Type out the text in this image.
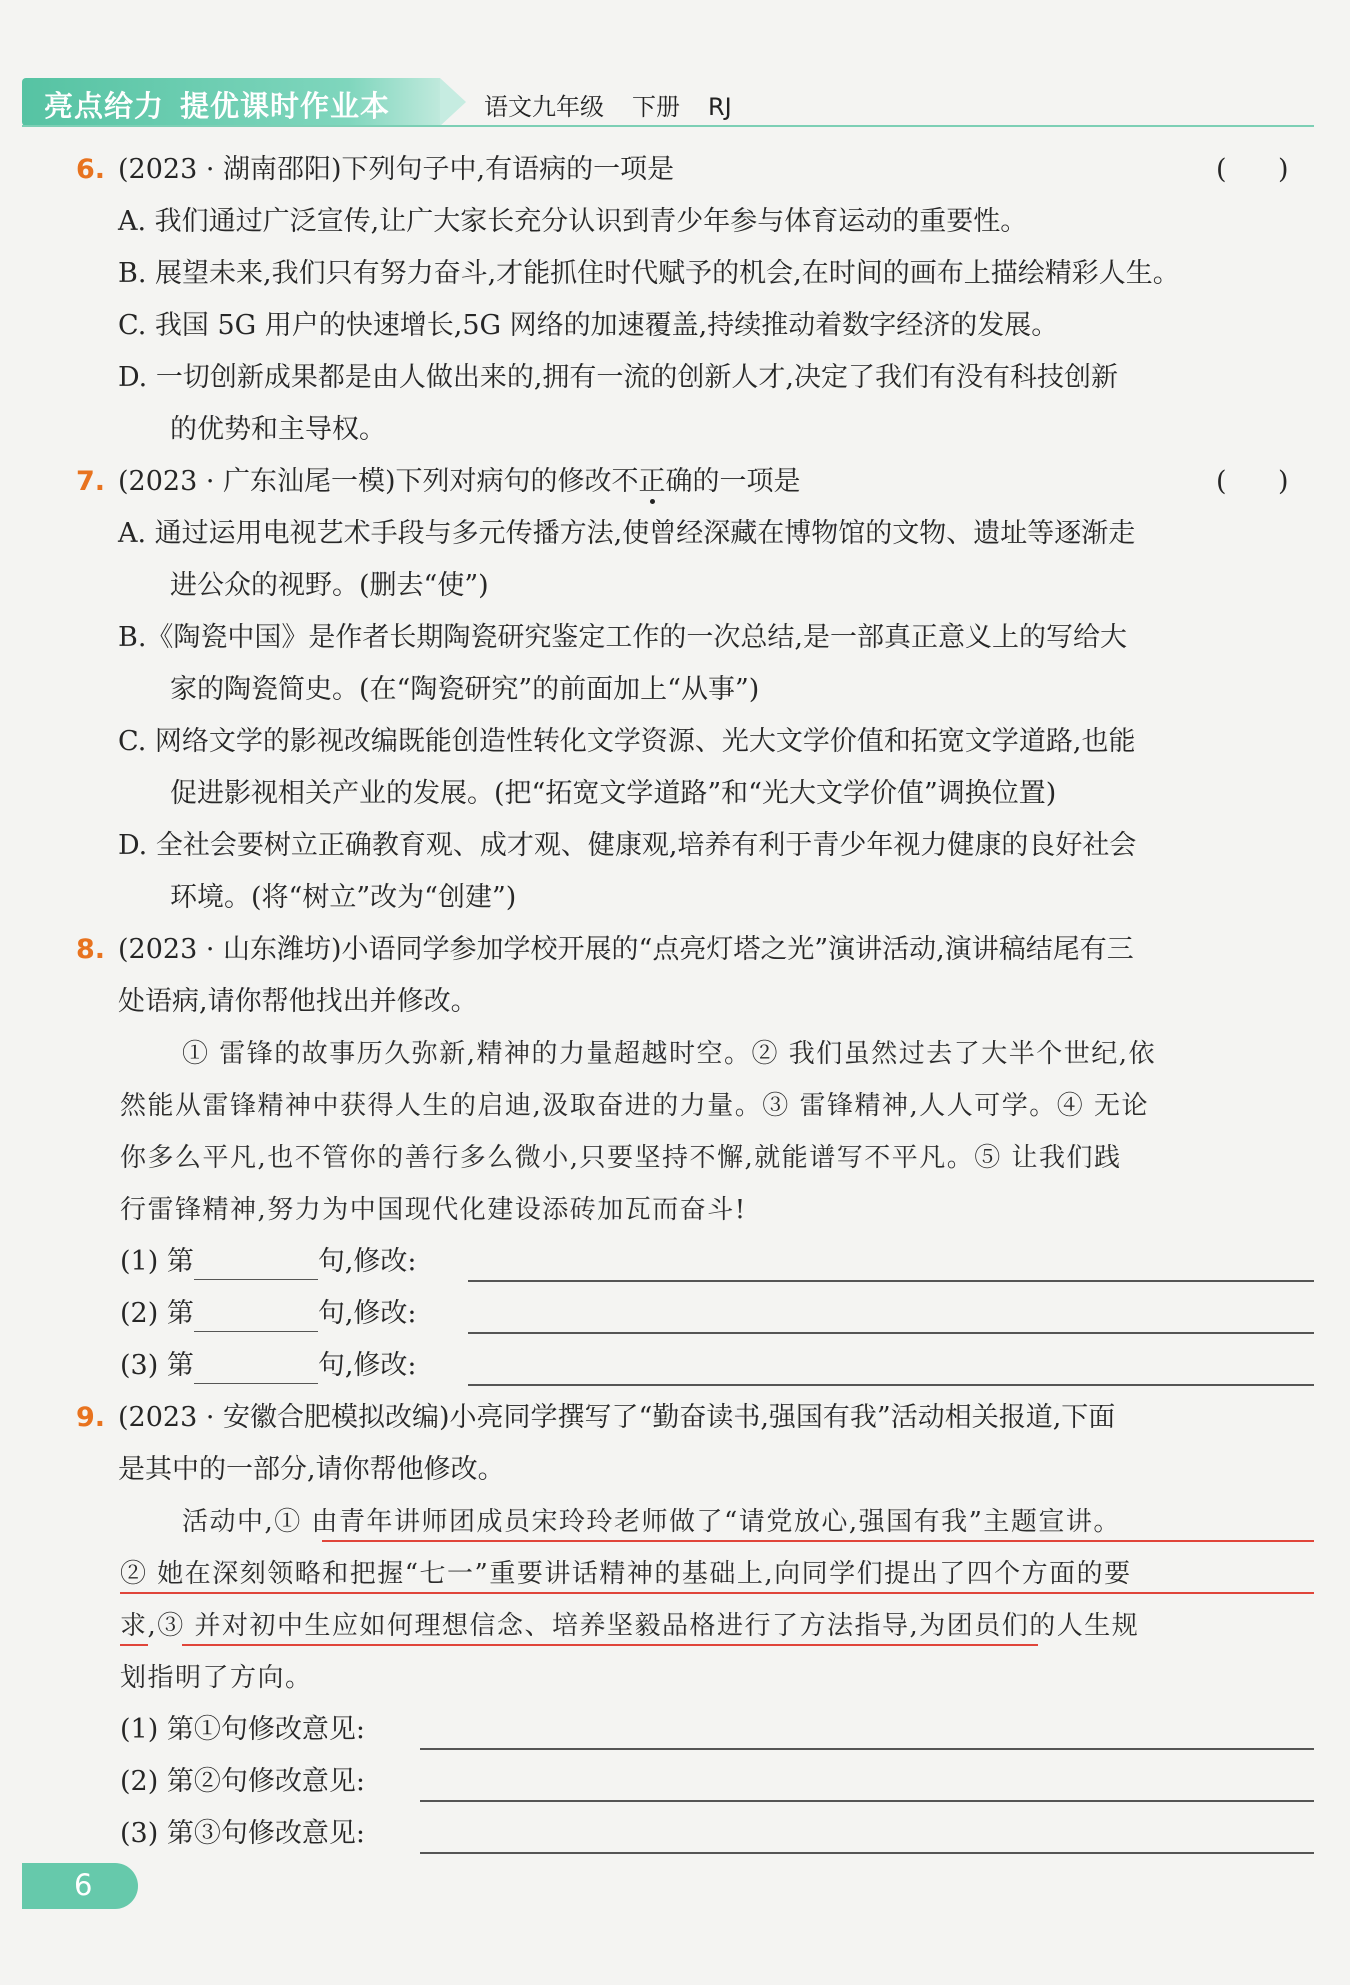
亮点给力 提优课时作业本	语文九年级 下册 RJ
6. (2023 · 湖南邵阳)下列句子中,有语病的一项是	(      )
A. 我们通过广泛宣传,让广大家长充分认识到青少年参与体育运动的重要性。
B. 展望未来,我们只有努力奋斗,才能抓住时代赋予的机会,在时间的画布上描绘精彩人生。
C. 我国 5G 用户的快速增长,5G 网络的加速覆盖,持续推动着数字经济的发展。
D. 一切创新成果都是由人做出来的,拥有一流的创新人才,决定了我们有没有科技创新
的优势和主导权。
7. (2023 · 广东汕尾一模)下列对病句的修改不正确的一项是	(      )
A. 通过运用电视艺术手段与多元传播方法,使曾经深藏在博物馆的文物、遗址等逐渐走
进公众的视野。(删去“使”)
B.《陶瓷中国》是作者长期陶瓷研究鉴定工作的一次总结,是一部真正意义上的写给大
家的陶瓷简史。(在“陶瓷研究”的前面加上“从事”)
C. 网络文学的影视改编既能创造性转化文学资源、光大文学价值和拓宽文学道路,也能
促进影视相关产业的发展。(把“拓宽文学道路”和“光大文学价值”调换位置)
D. 全社会要树立正确教育观、成才观、健康观,培养有利于青少年视力健康的良好社会
环境。(将“树立”改为“创建”)
8. (2023 · 山东潍坊)小语同学参加学校开展的“点亮灯塔之光”演讲活动,演讲稿结尾有三
处语病,请你帮他找出并修改。
① 雷锋的故事历久弥新,精神的力量超越时空。② 我们虽然过去了大半个世纪,依
然能从雷锋精神中获得人生的启迪,汲取奋进的力量。③ 雷锋精神,人人可学。④ 无论
你多么平凡,也不管你的善行多么微小,只要坚持不懈,就能谱写不平凡。⑤ 让我们践
行雷锋精神,努力为中国现代化建设添砖加瓦而奋斗!
(1) 第	句,修改:
(2) 第	句,修改:
(3) 第	句,修改:
9. (2023 · 安徽合肥模拟改编)小亮同学撰写了“勤奋读书,强国有我”活动相关报道,下面
是其中的一部分,请你帮他修改。
活动中,① 由青年讲师团成员宋玲玲老师做了“请党放心,强国有我”主题宣讲。
② 她在深刻领略和把握“七一”重要讲话精神的基础上,向同学们提出了四个方面的要
求,③ 并对初中生应如何理想信念、培养坚毅品格进行了方法指导,为团员们的人生规
划指明了方向。
(1) 第①句修改意见:
(2) 第②句修改意见:
(3) 第③句修改意见:
6
